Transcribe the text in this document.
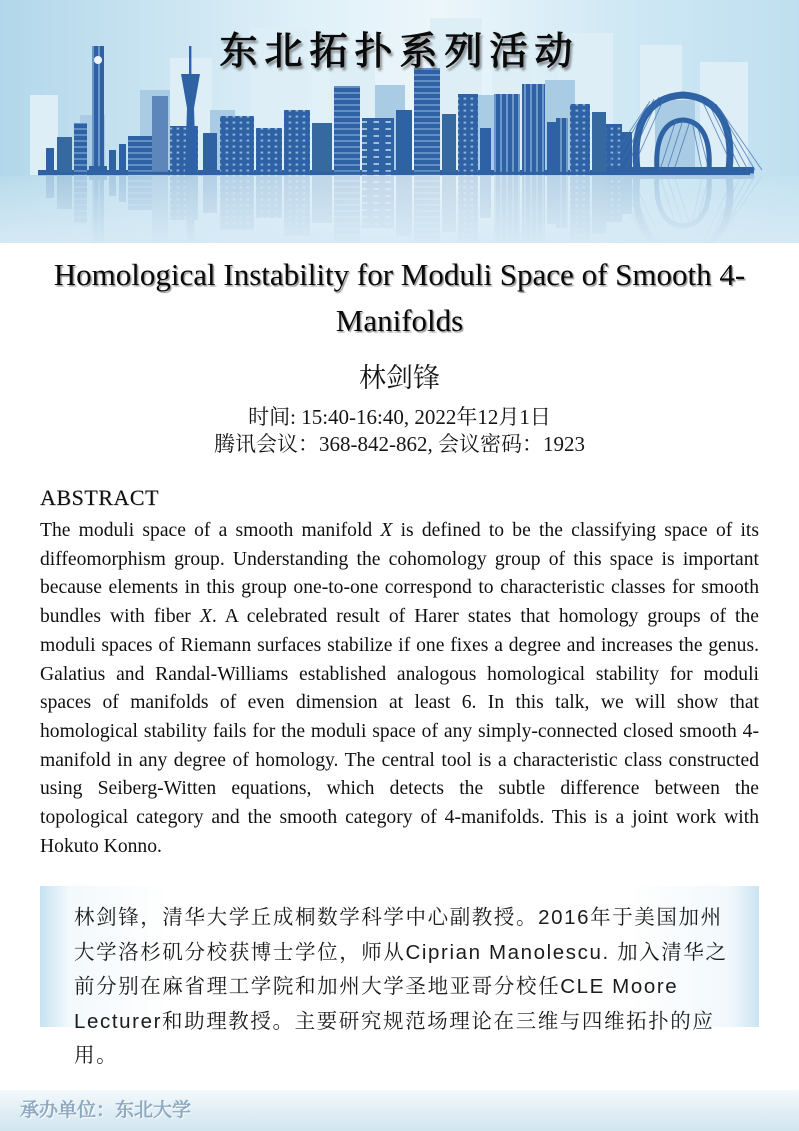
东北拓扑系列活动
Homological Instability for Moduli Space of Smooth 4-Manifolds
林剑锋
时间: 15:40-16:40, 2022年12月1日
腾讯会议：368-842-862, 会议密码：1923
ABSTRACT

The moduli space of a smooth manifold X is defined to be the classifying space of its diffeomorphism group. Understanding the cohomology group of this space is important because elements in this group one-to-one correspond to characteristic classes for smooth bundles with fiber X. A celebrated result of Harer states that homology groups of the moduli spaces of Riemann surfaces stabilize if one fixes a degree and increases the genus. Galatius and Randal-Williams established analogous homological stability for moduli spaces of manifolds of even dimension at least 6. In this talk, we will show that homological stability fails for the moduli space of any simply-connected closed smooth 4-manifold in any degree of homology. The central tool is a characteristic class constructed using Seiberg-Witten equations, which detects the subtle difference between the topological category and the smooth category of 4-manifolds. This is a joint work with Hokuto Konno.

林剑锋，清华大学丘成桐数学科学中心副教授。2016年于美国加州大学洛杉矶分校获博士学位，师从Ciprian Manolescu. 加入清华之前分别在麻省理工学院和加州大学圣地亚哥分校任CLE Moore Lecturer和助理教授。主要研究规范场理论在三维与四维拓扑的应用。

承办单位：东北大学
